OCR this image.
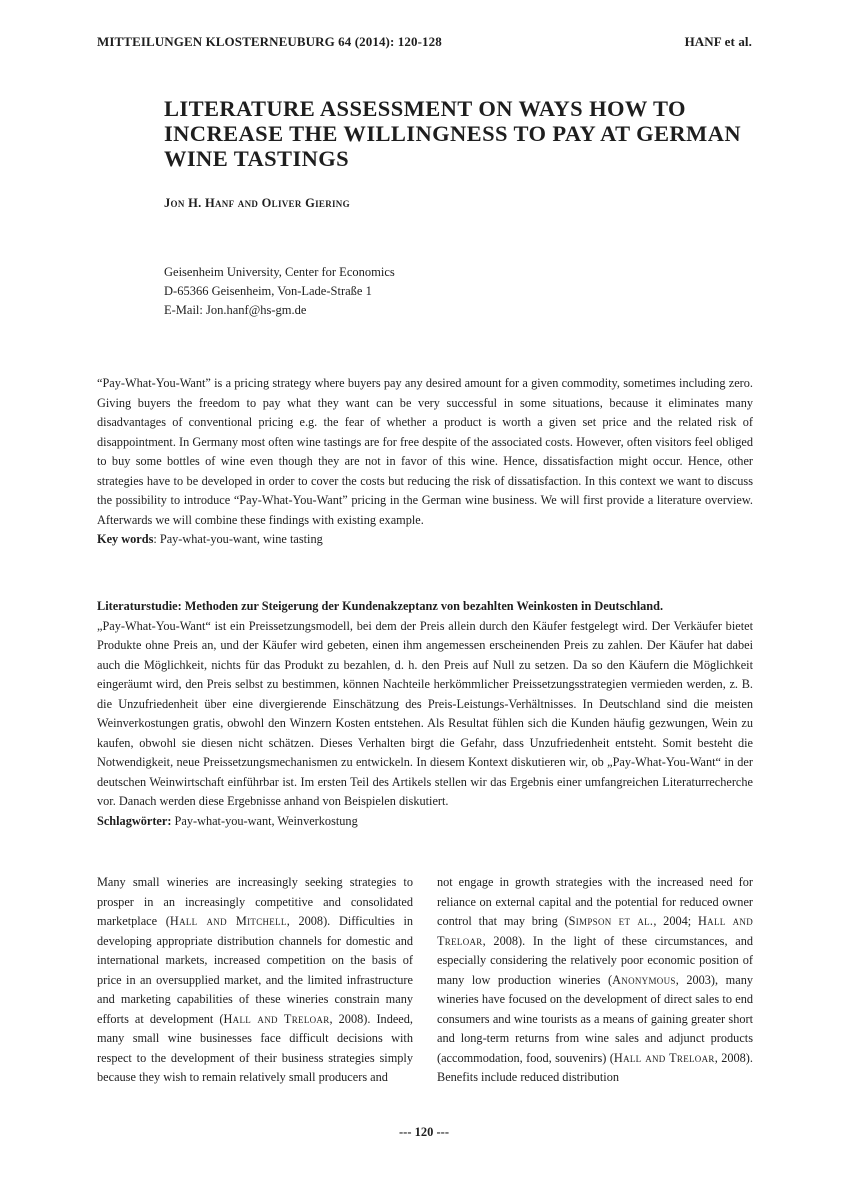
MITTEILUNGEN KLOSTERNEUBURG 64 (2014): 120-128	HANF et al.
LITERATURE ASSESSMENT ON WAYS HOW TO INCREASE THE WILLINGNESS TO PAY AT GERMAN WINE TASTINGS
Jon H. Hanf and Oliver Giering
Geisenheim University, Center for Economics
D-65366 Geisenheim, Von-Lade-Straße 1
E-Mail: Jon.hanf@hs-gm.de

“Pay-What-You-Want” is a pricing strategy where buyers pay any desired amount for a given commodity, sometimes including zero. Giving buyers the freedom to pay what they want can be very successful in some situations, because it eliminates many disadvantages of conventional pricing e.g. the fear of whether a product is worth a given set price and the related risk of disappointment. In Germany most often wine tastings are for free despite of the associated costs. However, often visitors feel obliged to buy some bottles of wine even though they are not in favor of this wine. Hence, dissatisfaction might occur. Hence, other strategies have to be developed in order to cover the costs but reducing the risk of dissatisfaction. In this context we want to discuss the possibility to introduce “Pay-What-You-Want” pricing in the German wine business. We will first provide a literature overview. Afterwards we will combine these findings with existing example.

Key words: Pay-what-you-want, wine tasting

Literaturstudie: Methoden zur Steigerung der Kundenakzeptanz von bezahlten Weinkosten in Deutschland.

„Pay-What-You-Want“ ist ein Preissetzungsmodell, bei dem der Preis allein durch den Käufer festgelegt wird. Der Verkäufer bietet Produkte ohne Preis an, und der Käufer wird gebeten, einen ihm angemessen erscheinenden Preis zu zahlen. Der Käufer hat dabei auch die Möglichkeit, nichts für das Produkt zu bezahlen, d. h. den Preis auf Null zu setzen. Da so den Käufern die Möglichkeit eingeräumt wird, den Preis selbst zu bestimmen, können Nachteile herkömmlicher Preissetzungsstrategien vermieden werden, z. B. die Unzufriedenheit über eine divergierende Einschätzung des Preis-Leistungs-Verhältnisses. In Deutschland sind die meisten Weinverkostungen gratis, obwohl den Winzern Kosten entstehen. Als Resultat fühlen sich die Kunden häufig gezwungen, Wein zu kaufen, obwohl sie diesen nicht schätzen. Dieses Verhalten birgt die Gefahr, dass Unzufriedenheit entsteht. Somit besteht die Notwendigkeit, neue Preissetzungsmechanismen zu entwickeln. In diesem Kontext diskutieren wir, ob „Pay-What-You-Want“ in der deutschen Weinwirtschaft einführbar ist. Im ersten Teil des Artikels stellen wir das Ergebnis einer umfangreichen Literaturrecherche vor. Danach werden diese Ergebnisse anhand von Beispielen diskutiert.

Schlagwörter: Pay-what-you-want, Weinverkostung

Many small wineries are increasingly seeking strategies to prosper in an increasingly competitive and consolidated marketplace (Hall and Mitchell, 2008). Difficulties in developing appropriate distribution channels for domestic and international markets, increased competition on the basis of price in an oversupplied market, and the limited infrastructure and marketing capabilities of these wineries constrain many efforts at development (Hall and Treloar, 2008). Indeed, many small wine businesses face difficult decisions with respect to the development of their business strategies simply because they wish to remain relatively small producers and
not engage in growth strategies with the increased need for reliance on external capital and the potential for reduced owner control that may bring (Simpson et al., 2004; Hall and Treloar, 2008). In the light of these circumstances, and especially considering the relatively poor economic position of many low production wineries (Anonymous, 2003), many wineries have focused on the development of direct sales to end consumers and wine tourists as a means of gaining greater short and long-term returns from wine sales and adjunct products (accommodation, food, souvenirs) (Hall and Treloar, 2008). Benefits include reduced distribution
--- 120 ---
